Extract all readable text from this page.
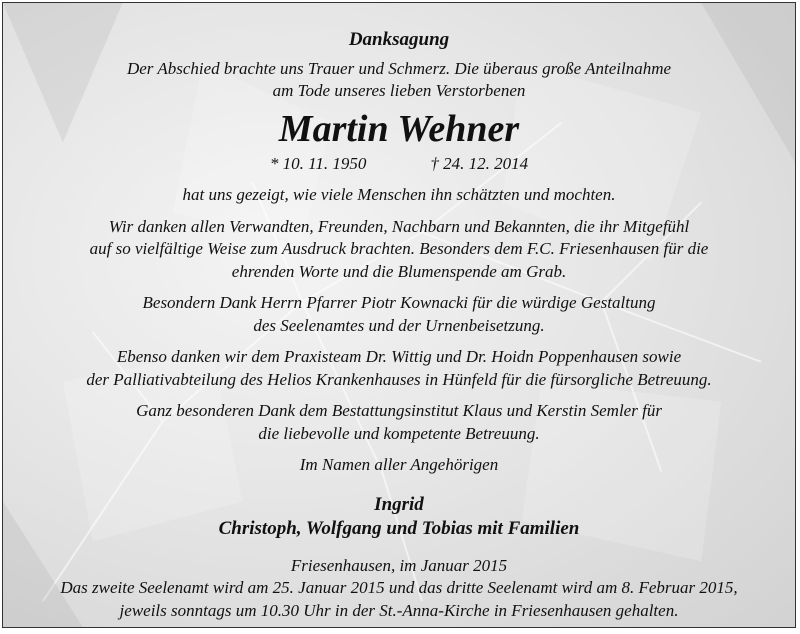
Danksagung
Der Abschied brachte uns Trauer und Schmerz. Die überaus große Anteilnahme
am Tode unseres lieben Verstorbenen
Martin Wehner
* 10. 11. 1950	† 24. 12. 2014
hat uns gezeigt, wie viele Menschen ihn schätzten und mochten.
Wir danken allen Verwandten, Freunden, Nachbarn und Bekannten, die ihr Mitgefühl
auf so vielfältige Weise zum Ausdruck brachten. Besonders dem F.C. Friesenhausen für die
ehrenden Worte und die Blumenspende am Grab.
Besondern Dank Herrn Pfarrer Piotr Kownacki für die würdige Gestaltung
des Seelenamtes und der Urnenbeisetzung.
Ebenso danken wir dem Praxisteam Dr. Wittig und Dr. Hoidn Poppenhausen sowie
der Palliativabteilung des Helios Krankenhauses in Hünfeld für die fürsorgliche Betreuung.
Ganz besonderen Dank dem Bestattungsinstitut Klaus und Kerstin Semler für
die liebevolle und kompetente Betreuung.
Im Namen aller Angehörigen
Ingrid
Christoph, Wolfgang und Tobias mit Familien
Friesenhausen, im Januar 2015
Das zweite Seelenamt wird am 25. Januar 2015 und das dritte Seelenamt wird am 8. Februar 2015,
jeweils sonntags um 10.30 Uhr in der St.-Anna-Kirche in Friesenhausen gehalten.
